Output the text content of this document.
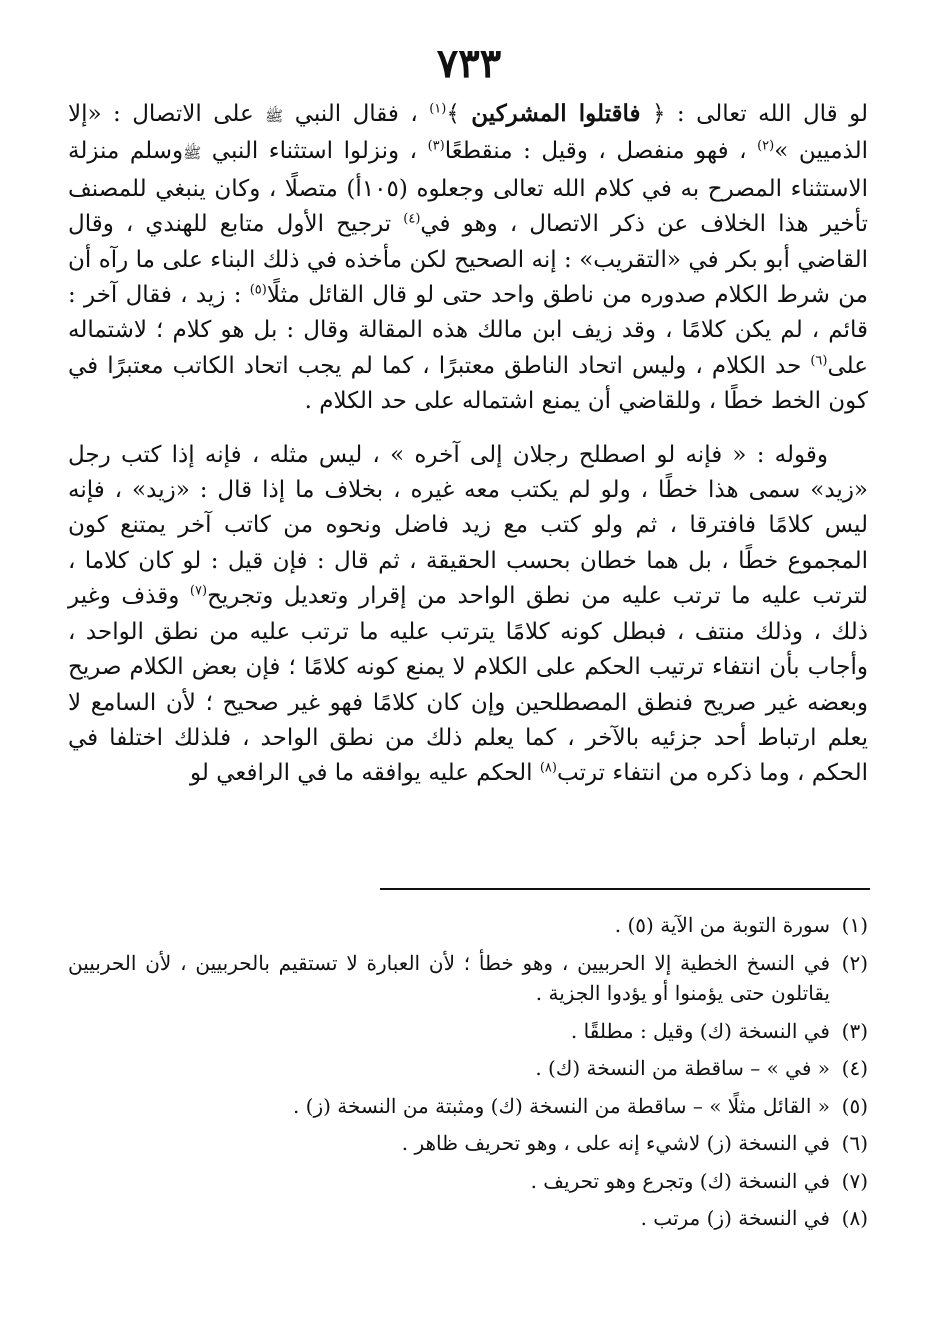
٧٣٣

لو قال الله تعالى : ﴿ فاقتلوا المشركين ﴾$^{(١)}$ ، فقال النبي ﷺ على الاتصال : «إلا الذميين »$^{(٢)}$ ، فهو منفصل ، وقيل : منقطعًا$^{(٣)}$ ، ونزلوا استثناء النبي ﷺوسلم منزلة الاستثناء المصرح به في كلام الله تعالى وجعلوه (١٠٥أ) متصلًا ، وكان ينبغي للمصنف تأخير هذا الخلاف عن ذكر الاتصال ، وهو في$^{(٤)}$ ترجيح الأول متابع للهندي ، وقال القاضي أبو بكر في «التقريب» : إنه الصحيح لكن مأخذه في ذلك البناء على ما رآه أن من شرط الكلام صدوره من ناطق واحد حتى لو قال القائل مثلًا$^{(٥)}$ : زيد ، فقال آخر : قائم ، لم يكن كلامًا ، وقد زيف ابن مالك هذه المقالة وقال : بل هو كلام ؛ لاشتماله على$^{(٦)}$ حد الكلام ، وليس اتحاد الناطق معتبرًا ، كما لم يجب اتحاد الكاتب معتبرًا في كون الخط خطًا ، وللقاضي أن يمنع اشتماله على حد الكلام .

وقوله : « فإنه لو اصطلح رجلان إلى آخره » ، ليس مثله ، فإنه إذا كتب رجل «زيد» سمى هذا خطًا ، ولو لم يكتب معه غيره ، بخلاف ما إذا قال : «زيد» ، فإنه ليس كلامًا فافترقا ، ثم ولو كتب مع زيد فاضل ونحوه من كاتب آخر يمتنع كون المجموع خطًا ، بل هما خطان بحسب الحقيقة ، ثم قال : فإن قيل : لو كان كلاما ، لترتب عليه ما ترتب عليه من نطق الواحد من إقرار وتعديل وتجريح$^{(٧)}$ وقذف وغير ذلك ، وذلك منتف ، فبطل كونه كلامًا يترتب عليه ما ترتب عليه من نطق الواحد ، وأجاب بأن انتفاء ترتيب الحكم على الكلام لا يمنع كونه كلامًا ؛ فإن بعض الكلام صريح وبعضه غير صريح فنطق المصطلحين وإن كان كلامًا فهو غير صحيح ؛ لأن السامع لا يعلم ارتباط أحد جزئيه بالآخر ، كما يعلم ذلك من نطق الواحد ، فلذلك اختلفا في الحكم ، وما ذكره من انتفاء ترتب$^{(٨)}$ الحكم عليه يوافقه ما في الرافعي لو

(١)سورة التوبة من الآية (٥) .
(٢)في النسخ الخطية إلا الحربيين ، وهو خطأ ؛ لأن العبارة لا تستقيم بالحربيين ، لأن الحربيين يقاتلون حتى يؤمنوا أو يؤدوا الجزية .
(٣)في النسخة (ك) وقيل : مطلقًا .
(٤)« في » – ساقطة من النسخة (ك) .
(٥)« القائل مثلًا » – ساقطة من النسخة (ك) ومثبتة من النسخة (ز) .
(٦)في النسخة (ز) لاشيء إنه على ، وهو تحريف ظاهر .
(٧)في النسخة (ك) وتجرع وهو تحريف .
(٨)في النسخة (ز) مرتب .
